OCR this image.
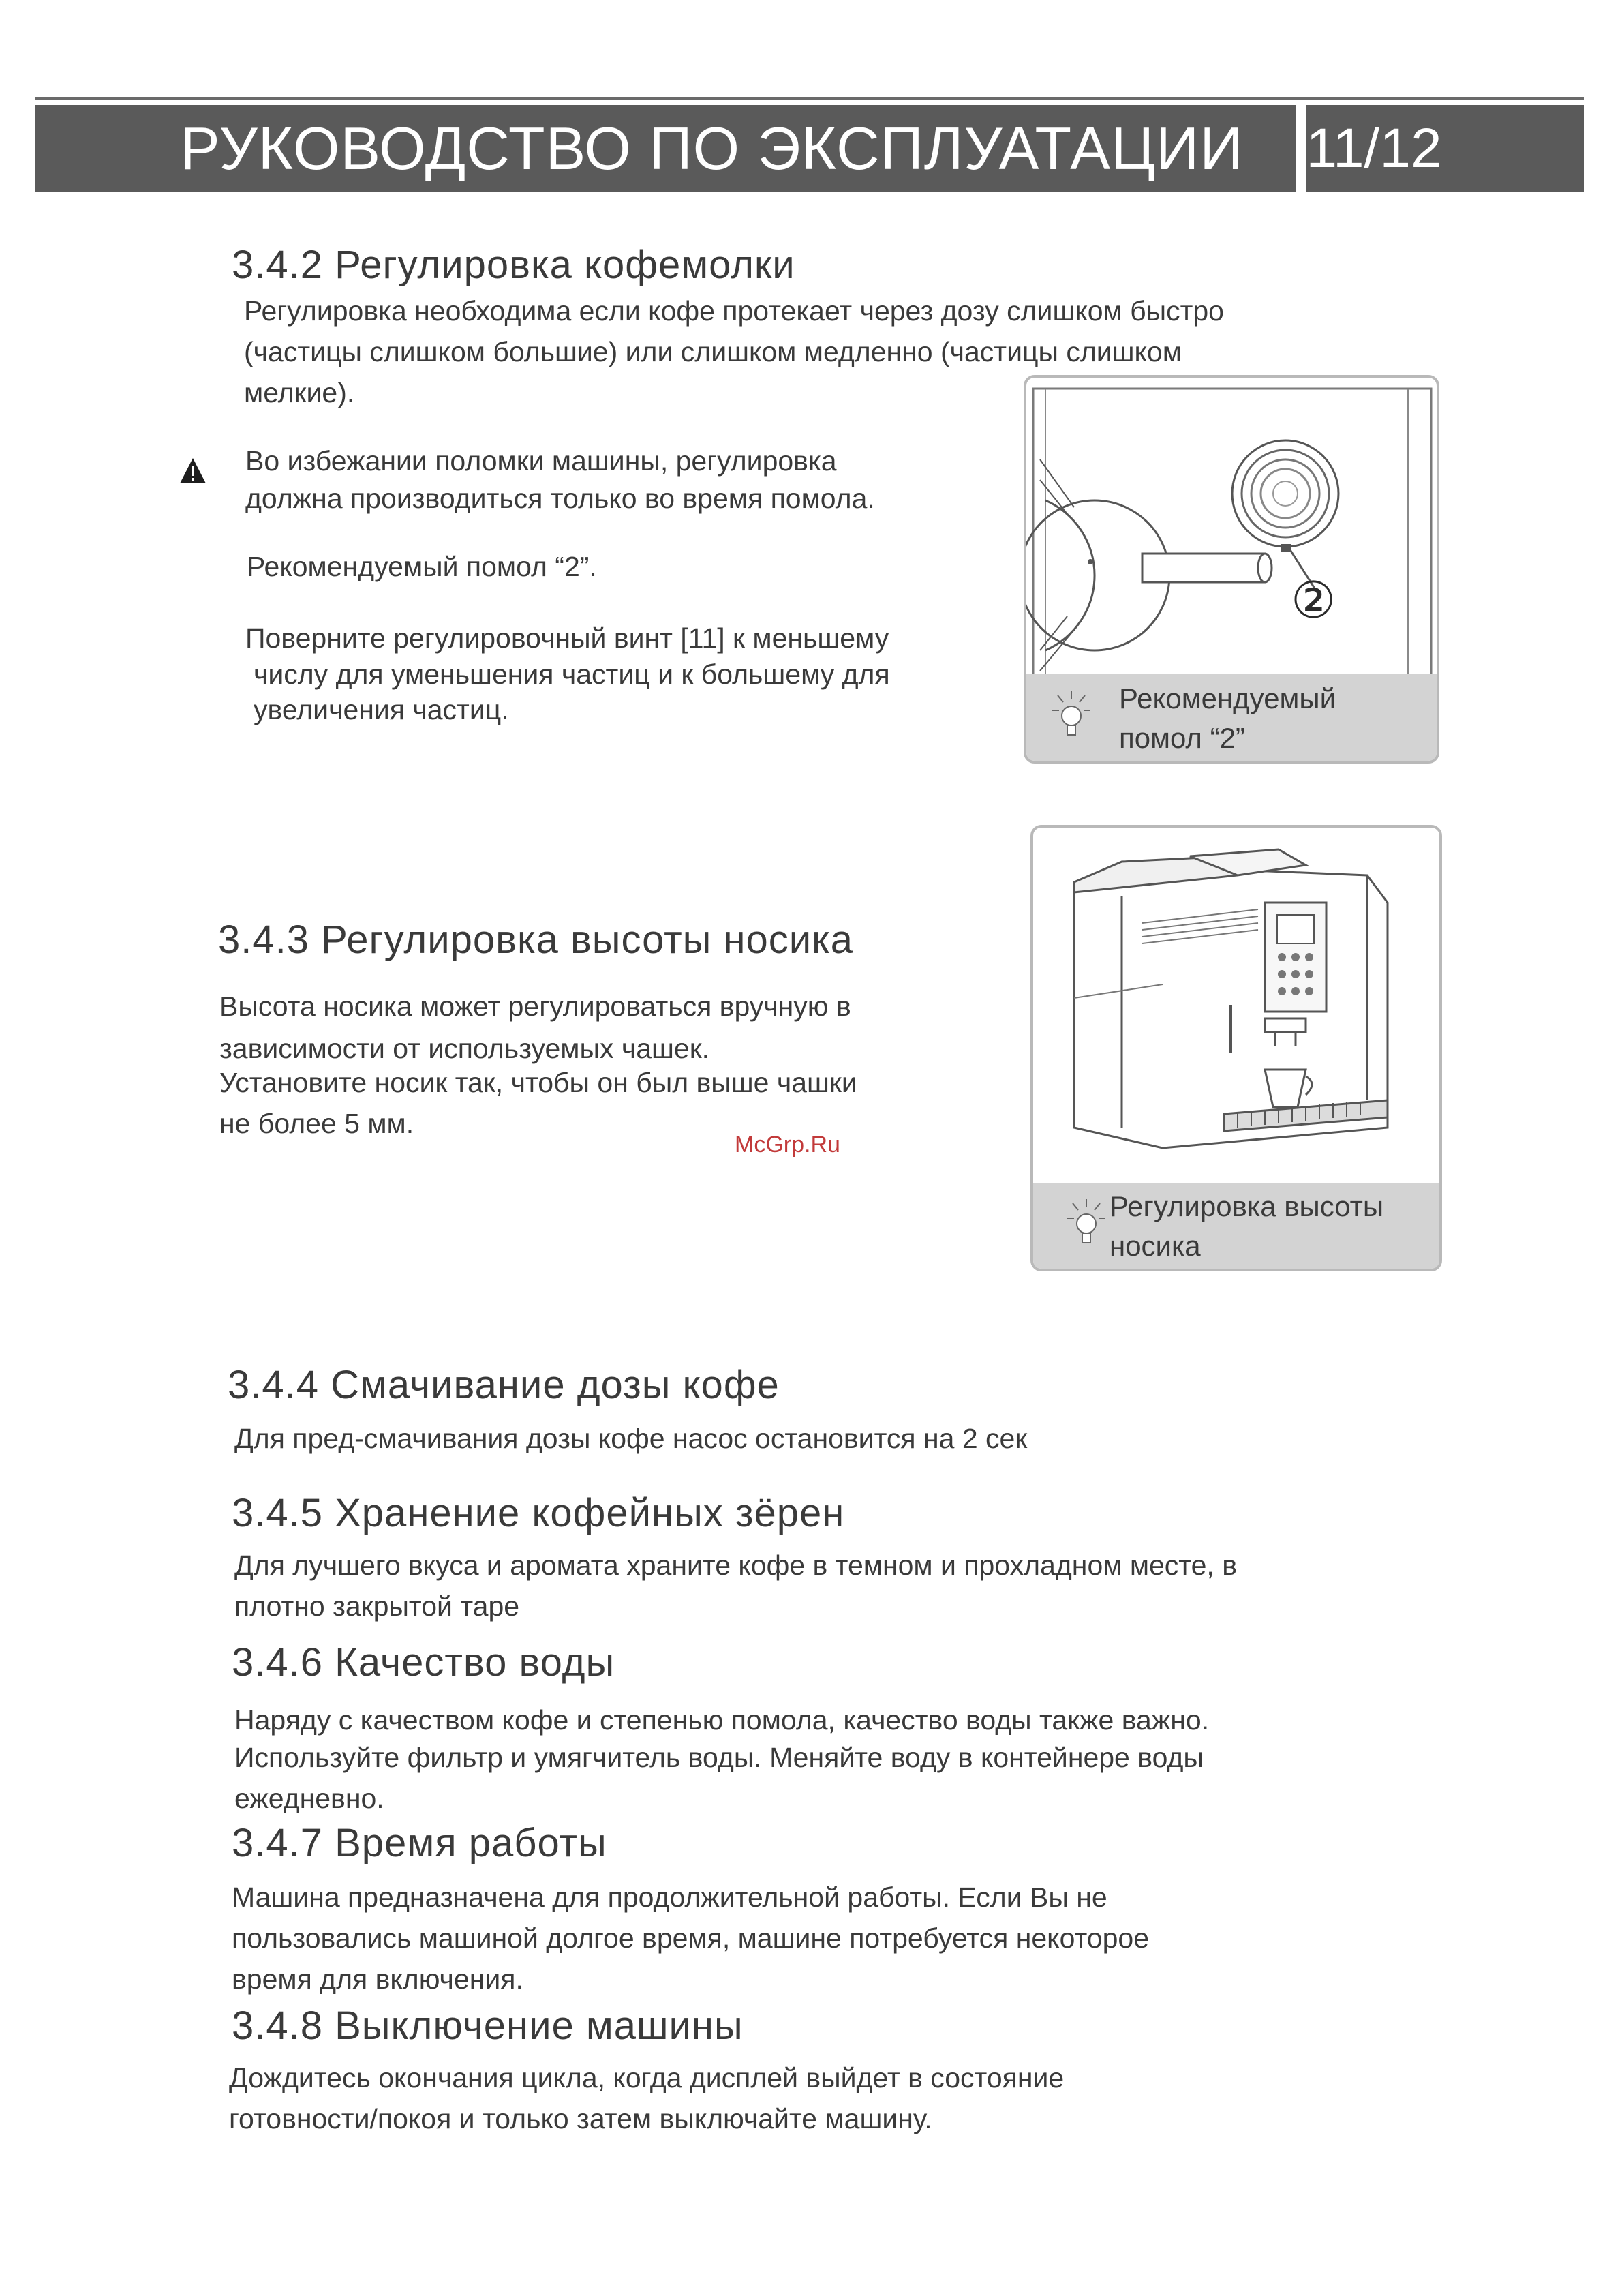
РУКОВОДСТВО ПО ЭКСПЛУАТАЦИИ	11/12
3.4.2 Регулировка кофемолки
Регулировка необходима если кофе протекает через дозу слишком быстро
(частицы слишком большие) или слишком медленно (частицы слишком
мелкие).
Во избежании поломки машины, регулировка
должна производиться только во время помола.
Рекомендуемый помол “2”.
Поверните регулировочный винт [11] к меньшему
числу для уменьшения частиц и к большему для
увеличения частиц.
②
Рекомендуемый
помол “2”
3.4.3 Регулировка высоты носика
Высота носика может регулироваться вручную в
зависимости от используемых чашек.
Установите носик так, чтобы он был выше чашки
не более 5 мм.
Регулировка высоты
носика
McGrp.Ru
3.4.4 Смачивание дозы кофе
Для пред-смачивания дозы кофе насос остановится на 2 сек
3.4.5 Хранение кофейных зёрен
Для лучшего вкуса и аромата храните кофе в темном и прохладном месте, в
плотно закрытой таре
3.4.6 Качество воды
Наряду с качеством кофе и степенью помола, качество воды также важно.
Используйте фильтр и умягчитель воды. Меняйте воду в контейнере воды
ежедневно.
3.4.7 Время работы
Машина предназначена для продолжительной работы. Если Вы не
пользовались машиной долгое время, машине потребуется некоторое
время для включения.
3.4.8 Выключение машины
Дождитесь окончания цикла, когда дисплей выйдет в состояние
готовности/покоя и только затем выключайте машину.
